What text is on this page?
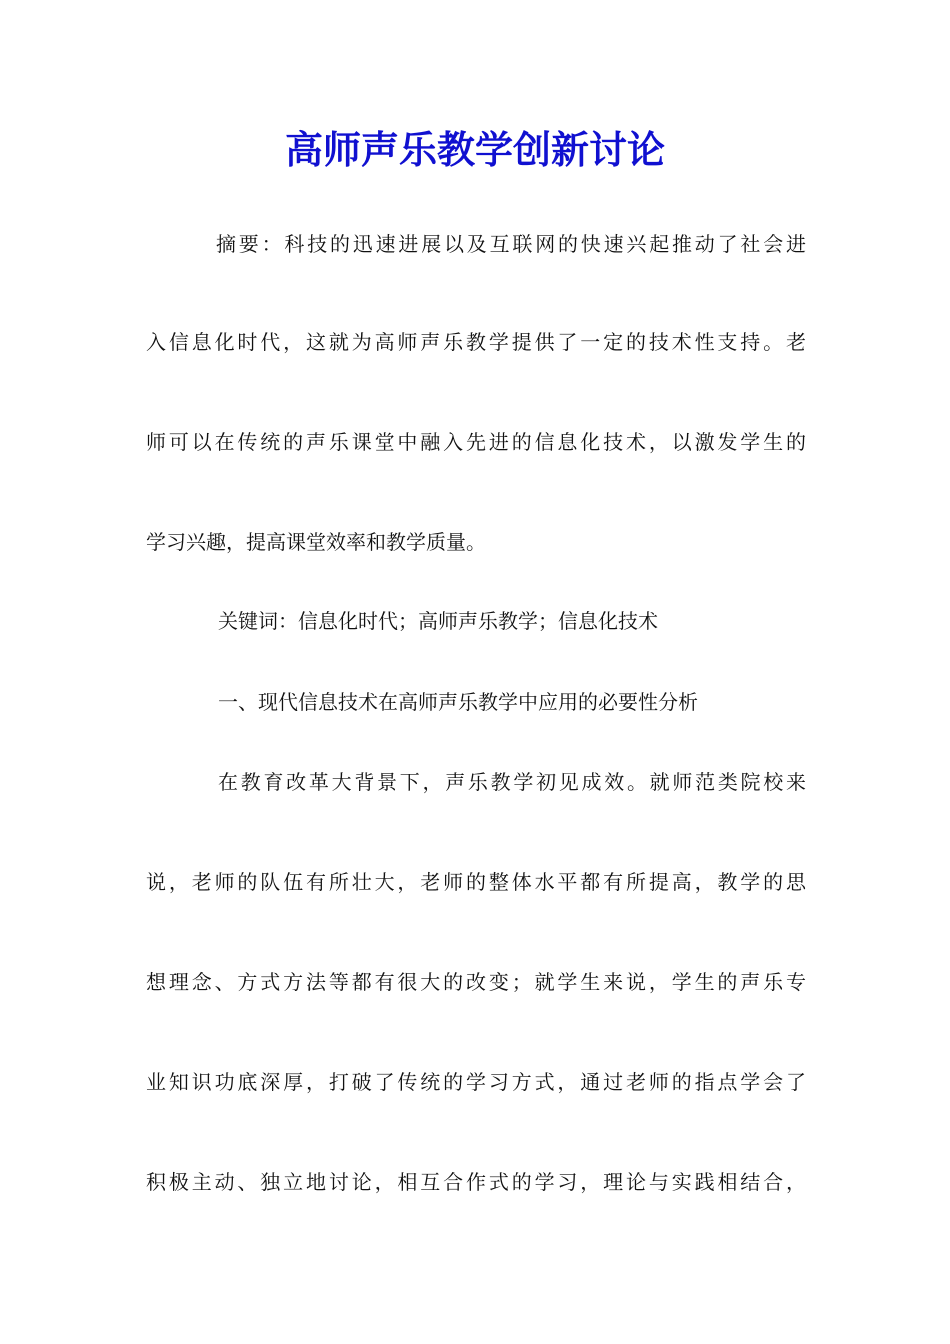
高师声乐教学创新讨论
摘要：科技的迅速进展以及互联网的快速兴起推动了社会进
入信息化时代，这就为高师声乐教学提供了一定的技术性支持。老
师可以在传统的声乐课堂中融入先进的信息化技术，以激发学生的
学习兴趣，提高课堂效率和教学质量。
关键词：信息化时代；高师声乐教学；信息化技术
一、现代信息技术在高师声乐教学中应用的必要性分析
在教育改革大背景下，声乐教学初见成效。就师范类院校来
说，老师的队伍有所壮大，老师的整体水平都有所提高，教学的思
想理念、方式方法等都有很大的改变；就学生来说，学生的声乐专
业知识功底深厚，打破了传统的学习方式，通过老师的指点学会了
积极主动、独立地讨论，相互合作式的学习，理论与实践相结合，
